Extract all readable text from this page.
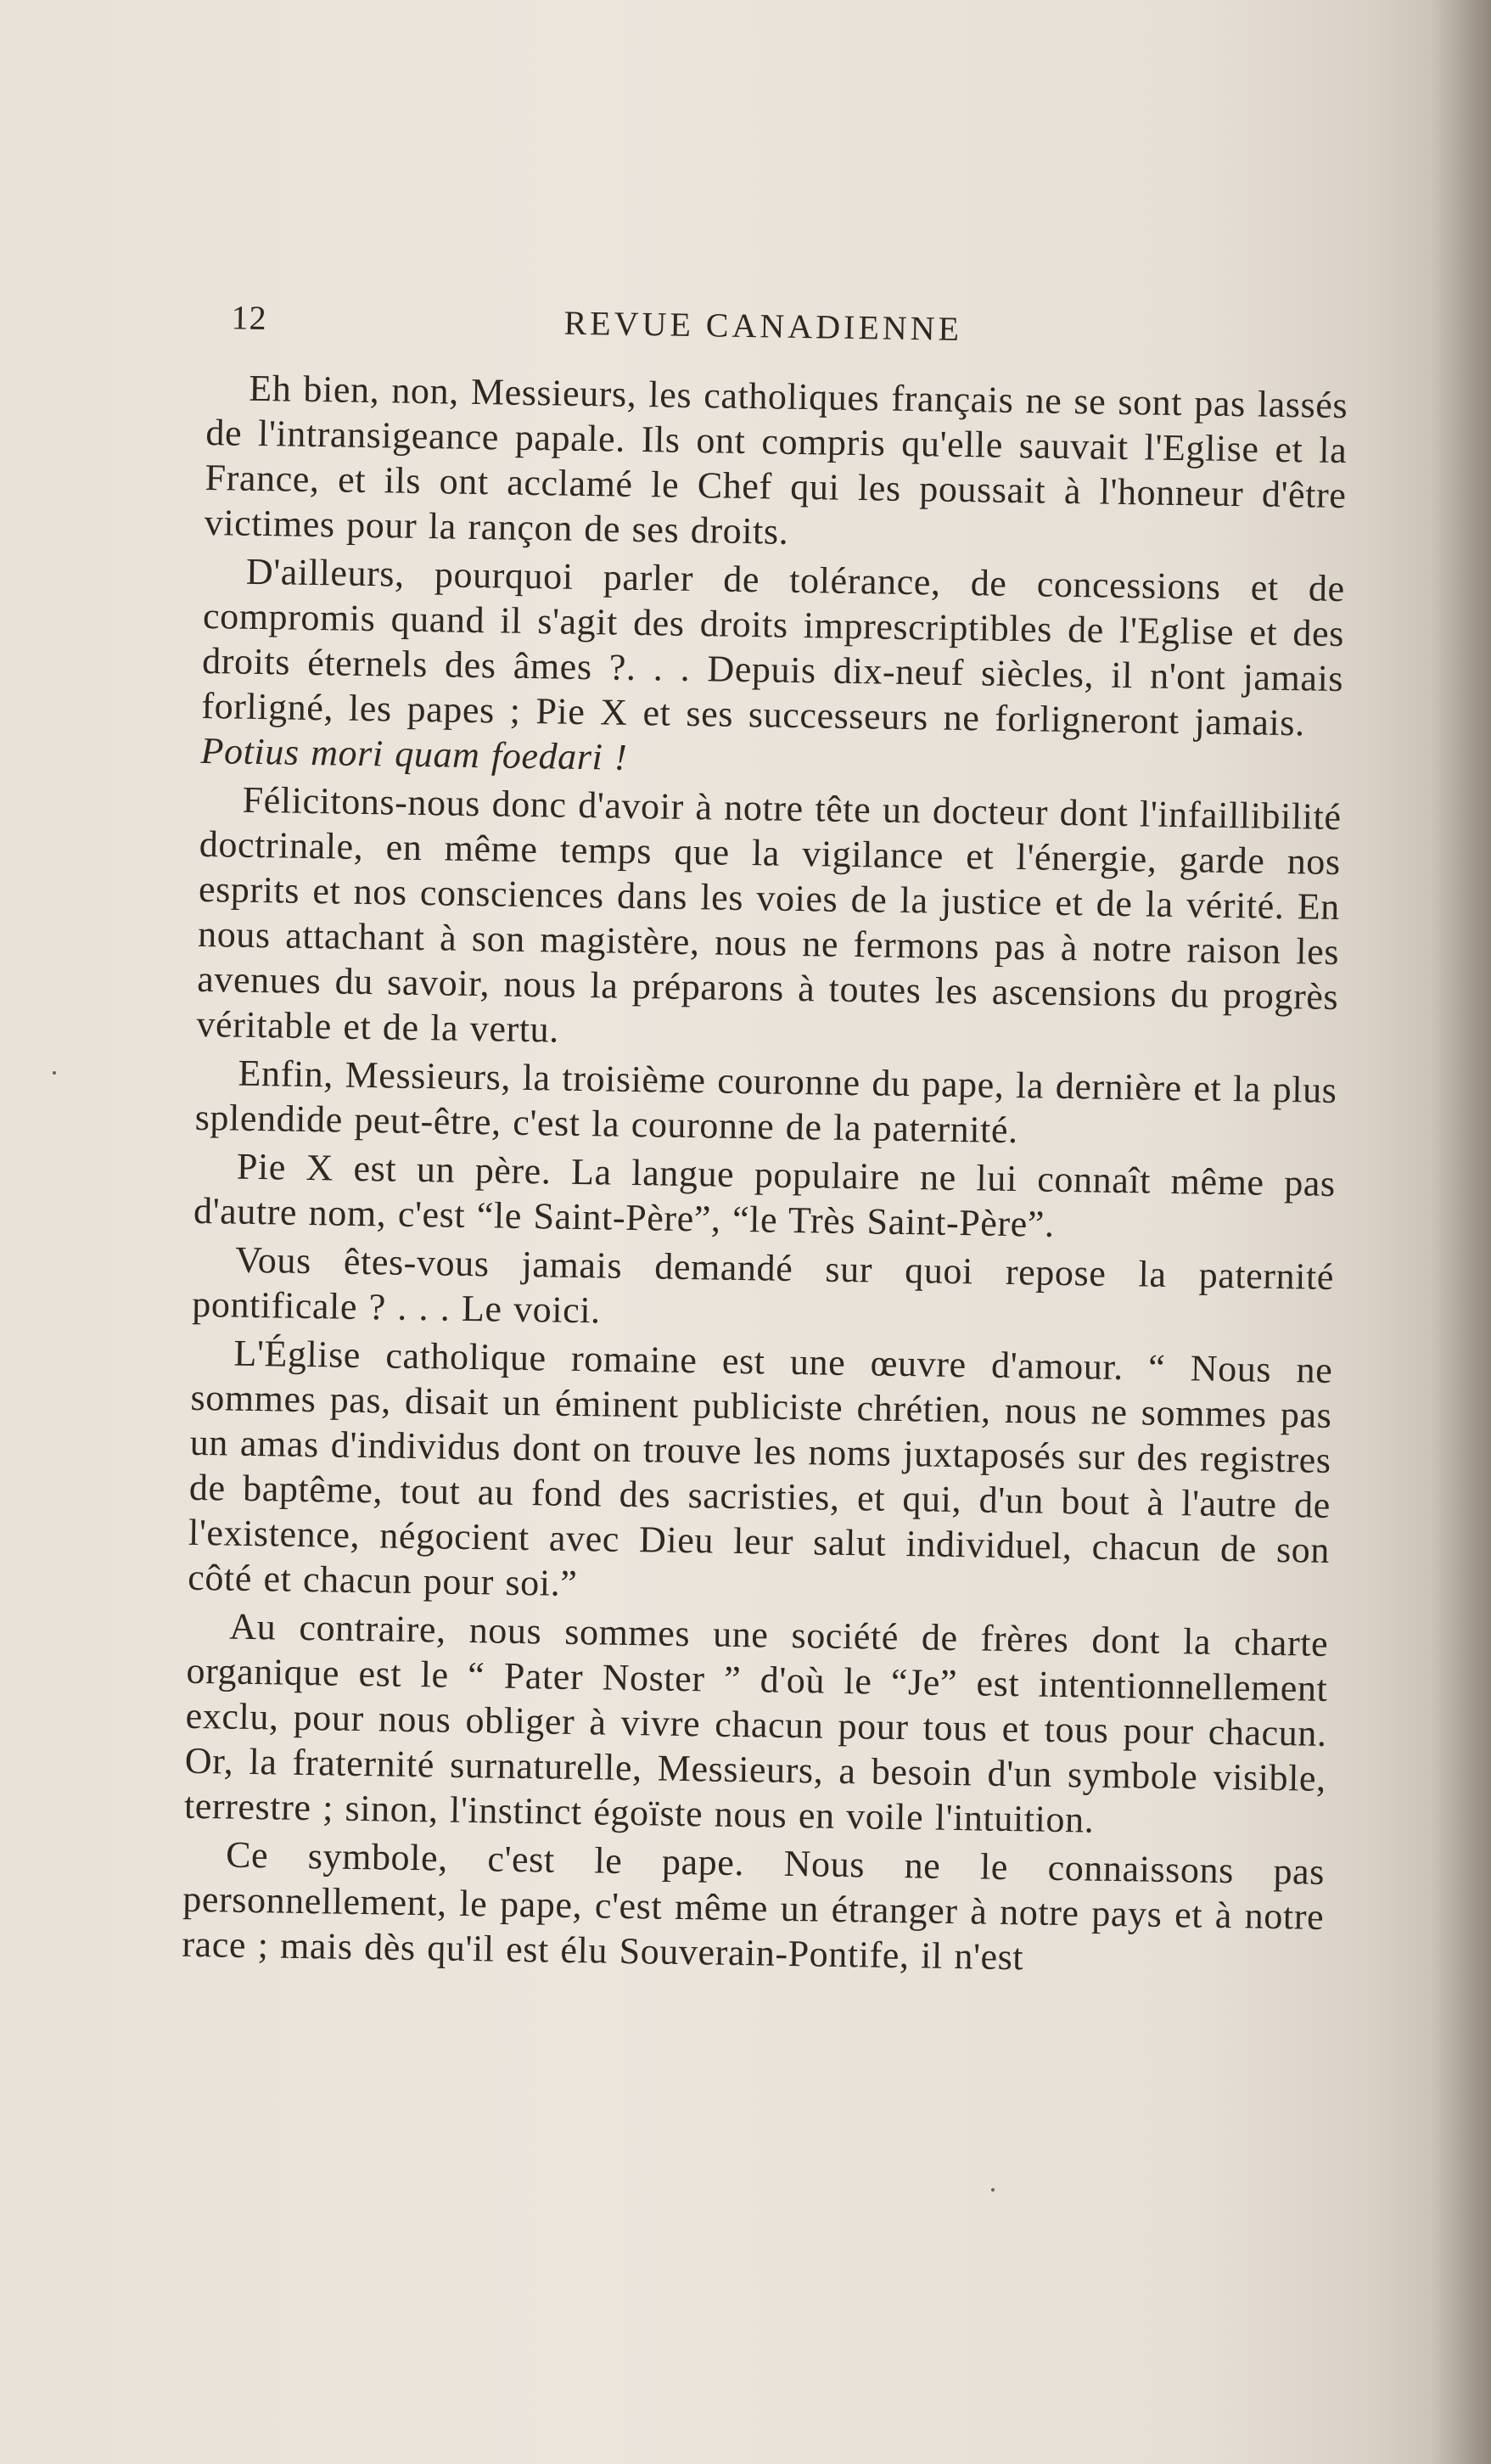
12	REVUE CANADIENNE

Eh bien, non, Messieurs, les catholiques français ne se sont pas lassés de l'intransigeance papale. Ils ont compris qu'elle sauvait l'Eglise et la France, et ils ont acclamé le Chef qui les poussait à l'honneur d'être victimes pour la rançon de ses droits.

D'ailleurs, pourquoi parler de tolérance, de concessions et de compromis quand il s'agit des droits imprescriptibles de l'Eglise et des droits éternels des âmes ?. . . Depuis dix-neuf siècles, il n'ont jamais forligné, les papes ; Pie X et ses successeurs ne forligneront jamais. Potius mori quam foedari !

Félicitons-nous donc d'avoir à notre tête un docteur dont l'infaillibilité doctrinale, en même temps que la vigilance et l'énergie, garde nos esprits et nos consciences dans les voies de la justice et de la vérité. En nous attachant à son magistère, nous ne fermons pas à notre raison les avenues du savoir, nous la préparons à toutes les ascensions du progrès véritable et de la vertu.

Enfin, Messieurs, la troisième couronne du pape, la dernière et la plus splendide peut-être, c'est la couronne de la paternité.

Pie X est un père. La langue populaire ne lui connaît même pas d'autre nom, c'est “le Saint-Père”, “le Très Saint-Père”.

Vous êtes-vous jamais demandé sur quoi repose la paternité pontificale ? . . . Le voici.

L'Église catholique romaine est une œuvre d'amour. “ Nous ne sommes pas, disait un éminent publiciste chrétien, nous ne sommes pas un amas d'individus dont on trouve les noms juxtaposés sur des registres de baptême, tout au fond des sacristies, et qui, d'un bout à l'autre de l'existence, négocient avec Dieu leur salut individuel, chacun de son côté et chacun pour soi.”

Au contraire, nous sommes une société de frères dont la charte organique est le “ Pater Noster ” d'où le “Je” est intentionnellement exclu, pour nous obliger à vivre chacun pour tous et tous pour chacun. Or, la fraternité surnaturelle, Messieurs, a besoin d'un symbole visible, terrestre ; sinon, l'instinct égoïste nous en voile l'intuition.

Ce symbole, c'est le pape. Nous ne le connaissons pas personnellement, le pape, c'est même un étranger à notre pays et à notre race ; mais dès qu'il est élu Souverain-Pontife, il n'est
